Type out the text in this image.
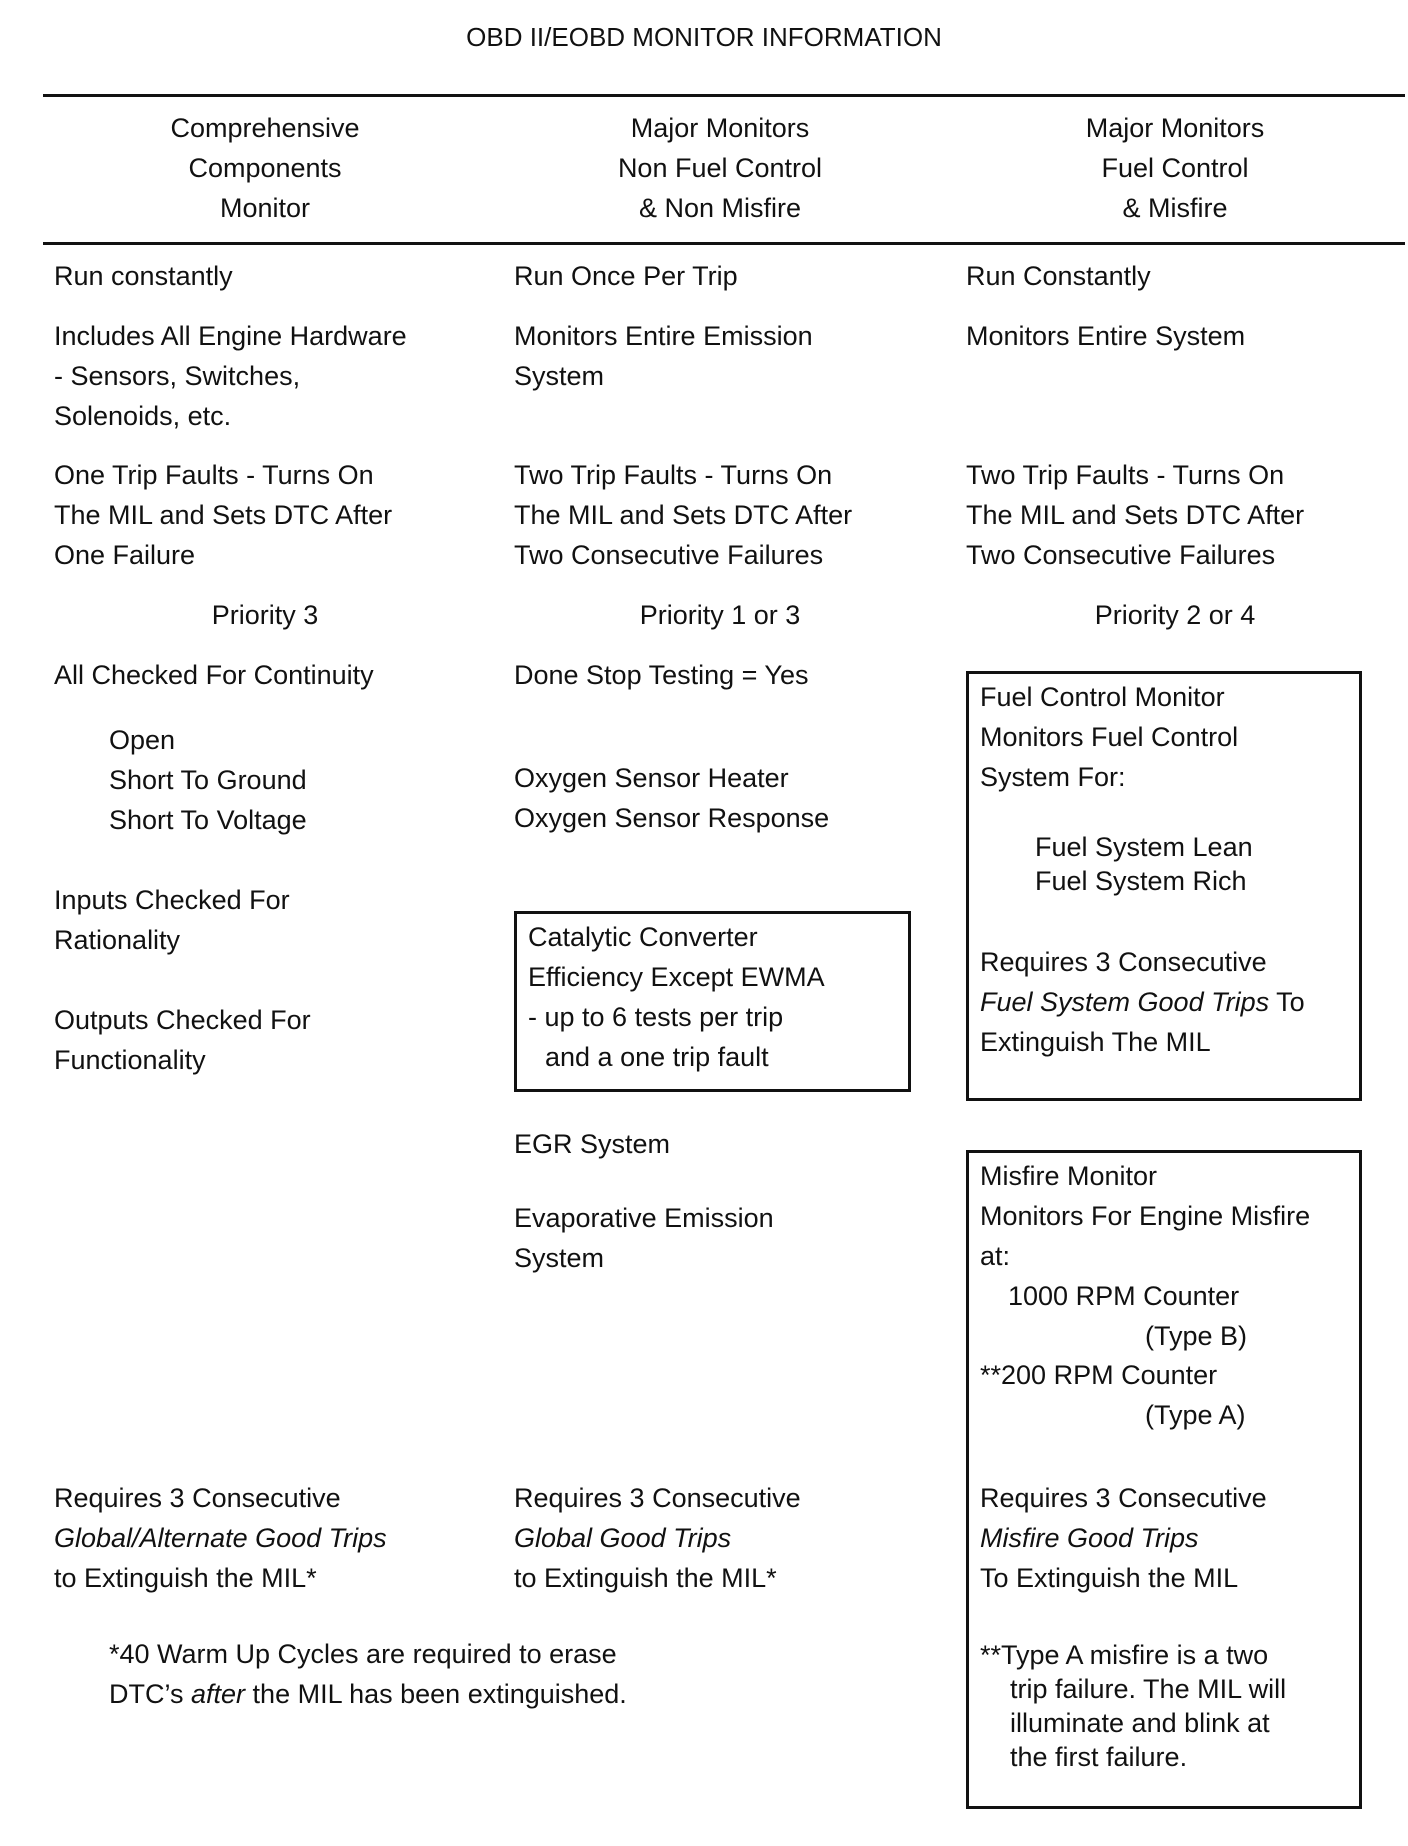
OBD II/EOBD MONITOR INFORMATION
Comprehensive
Components
Monitor
Major Monitors
Non Fuel Control
& Non Misfire
Major Monitors
Fuel Control
& Misfire
Run constantly
Includes All Engine Hardware
- Sensors, Switches,
Solenoids, etc.
One Trip Faults - Turns On
The MIL and Sets DTC After
One Failure
Priority 3
All Checked For Continuity
Open
Short To Ground
Short To Voltage
Inputs Checked For
Rationality
Outputs Checked For
Functionality
Requires 3 Consecutive
Global/Alternate Good Trips
to Extinguish the MIL*
Run Once Per Trip
Monitors Entire Emission
System
Two Trip Faults - Turns On
The MIL and Sets DTC After
Two Consecutive Failures
Priority 1 or 3
Done Stop Testing = Yes
Oxygen Sensor Heater
Oxygen Sensor Response
Catalytic Converter
Efficiency Except EWMA
- up to 6 tests per trip
and a one trip fault
EGR System
Evaporative Emission
System
Requires 3 Consecutive
Global Good Trips
to Extinguish the MIL*
Run Constantly
Monitors Entire System
Two Trip Faults - Turns On
The MIL and Sets DTC After
Two Consecutive Failures
Priority 2 or 4
Fuel Control Monitor
Monitors Fuel Control
System For:
Fuel System Lean
Fuel System Rich
Requires 3 Consecutive
Fuel System Good Trips To
Extinguish The MIL
Misfire Monitor
Monitors For Engine Misfire
at:
1000 RPM Counter
(Type B)
**200 RPM Counter
(Type A)
Requires 3 Consecutive
Misfire Good Trips
To Extinguish the MIL
**Type A misfire is a two
trip failure. The MIL will
illuminate and blink at
the first failure.
*40 Warm Up Cycles are required to erase
DTC’s after the MIL has been extinguished.
